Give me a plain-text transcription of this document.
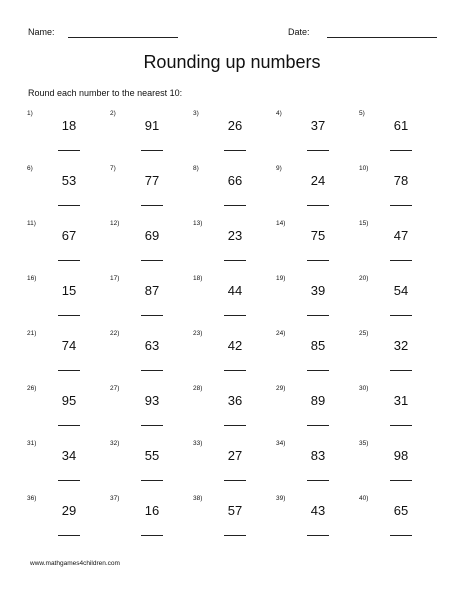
Name:	Date:
Rounding up numbers
Round each number to the nearest 10:
1)
18
2)
91
3)
26
4)
37
5)
61
6)
53
7)
77
8)
66
9)
24
10)
78
11)
67
12)
69
13)
23
14)
75
15)
47
16)
15
17)
87
18)
44
19)
39
20)
54
21)
74
22)
63
23)
42
24)
85
25)
32
26)
95
27)
93
28)
36
29)
89
30)
31
31)
34
32)
55
33)
27
34)
83
35)
98
36)
29
37)
16
38)
57
39)
43
40)
65
www.mathgames4children.com
